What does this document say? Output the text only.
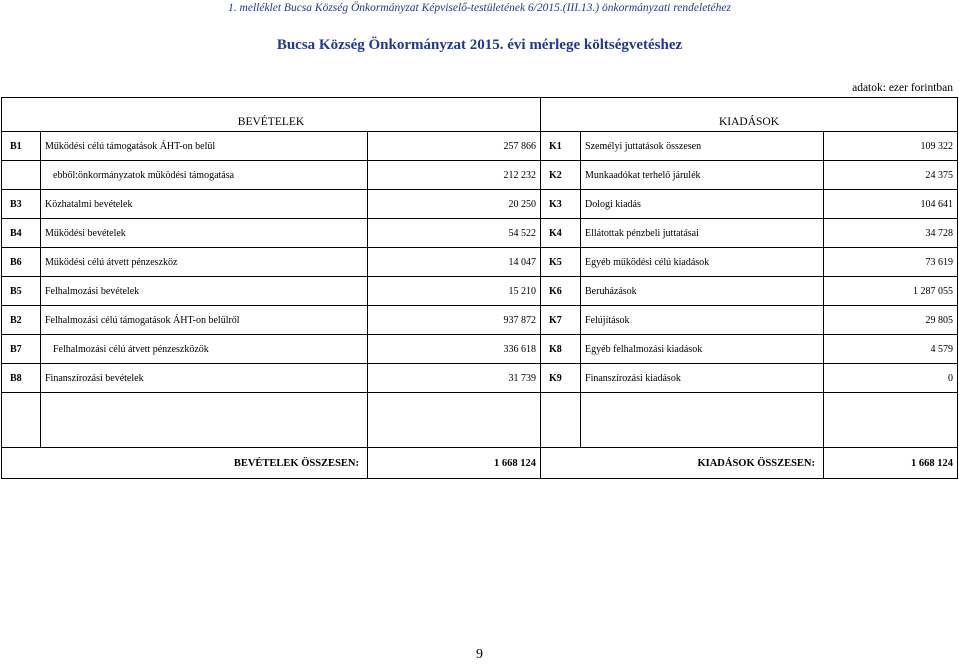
1. melléklet Bucsa Község Önkormányzat Képviselő-testületének 6/2015.(III.13.) önkormányzati rendeletéhez
Bucsa Község Önkormányzat 2015. évi mérlege költségvetéshez
adatok: ezer forintban
BEVÉTELEK			KIADÁSOK		
B1	Működési célú támogatások ÁHT-on belül	257 866	K1	Személyi juttatások összesen	109 322
	ebből:önkormányzatok működési támogatása	212 232	K2	Munkaadókat terhelő járulék	24 375
B3	Közhatalmi bevételek	20 250	K3	Dologi kiadás	104 641
B4	Működési bevételek	54 522	K4	Ellátottak pénzbeli juttatásai	34 728
B6	Működési célú átvett pénzeszköz	14 047	K5	Egyéb működési célú kiadások	73 619
B5	Felhalmozási bevételek	15 210	K6	Beruházások	1 287 055
B2	Felhalmozási célú támogatások ÁHT-on belülről	937 872	K7	Felújítások	29 805
B7	Felhalmozási célú átvett pénzeszközök	336 618	K8	Egyéb felhalmozási kiadások	4 579
B8	Finanszírozási bevételek	31 739	K9	Finanszírozási kiadások	0

BEVÉTELEK ÖSSZESEN:		1 668 124	KIADÁSOK ÖSSZESEN:		1 668 124
9
